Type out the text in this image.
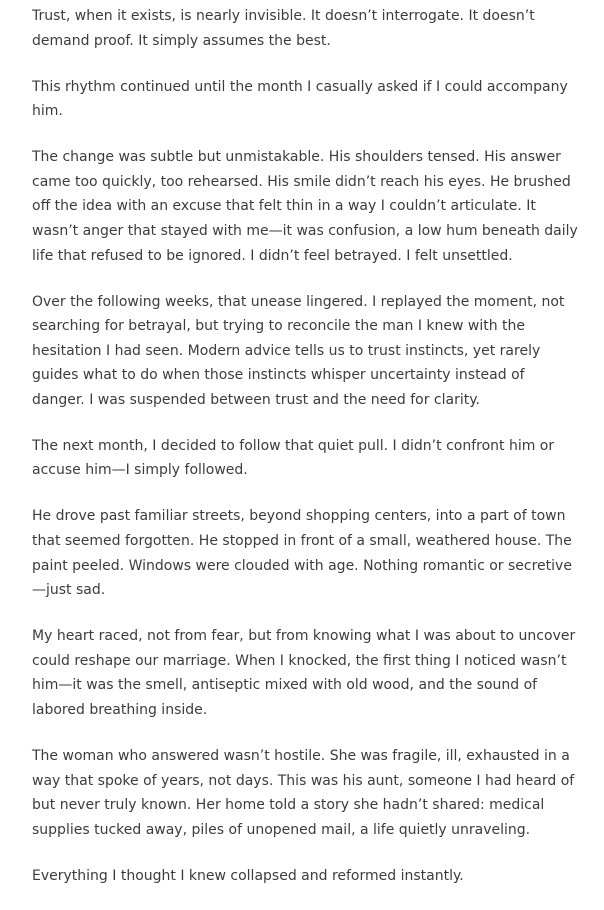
Trust, when it exists, is nearly invisible. It doesn’t interrogate. It doesn’t demand proof. It simply assumes the best.

This rhythm continued until the month I casually asked if I could accompany him.

The change was subtle but unmistakable. His shoulders tensed. His answer came too quickly, too rehearsed. His smile didn’t reach his eyes. He brushed off the idea with an excuse that felt thin in a way I couldn’t articulate. It wasn’t anger that stayed with me—it was confusion, a low hum beneath daily life that refused to be ignored. I didn’t feel betrayed. I felt unsettled.

Over the following weeks, that unease lingered. I replayed the moment, not searching for betrayal, but trying to reconcile the man I knew with the hesitation I had seen. Modern advice tells us to trust instincts, yet rarely guides what to do when those instincts whisper uncertainty instead of danger. I was suspended between trust and the need for clarity.

The next month, I decided to follow that quiet pull. I didn’t confront him or accuse him—I simply followed.

He drove past familiar streets, beyond shopping centers, into a part of town that seemed forgotten. He stopped in front of a small, weathered house. The paint peeled. Windows were clouded with age. Nothing romantic or secretive—just sad.

My heart raced, not from fear, but from knowing what I was about to uncover could reshape our marriage. When I knocked, the first thing I noticed wasn’t him—it was the smell, antiseptic mixed with old wood, and the sound of labored breathing inside.

The woman who answered wasn’t hostile. She was fragile, ill, exhausted in a way that spoke of years, not days. This was his aunt, someone I had heard of but never truly known. Her home told a story she hadn’t shared: medical supplies tucked away, piles of unopened mail, a life quietly unraveling.

Everything I thought I knew collapsed and reformed instantly.
